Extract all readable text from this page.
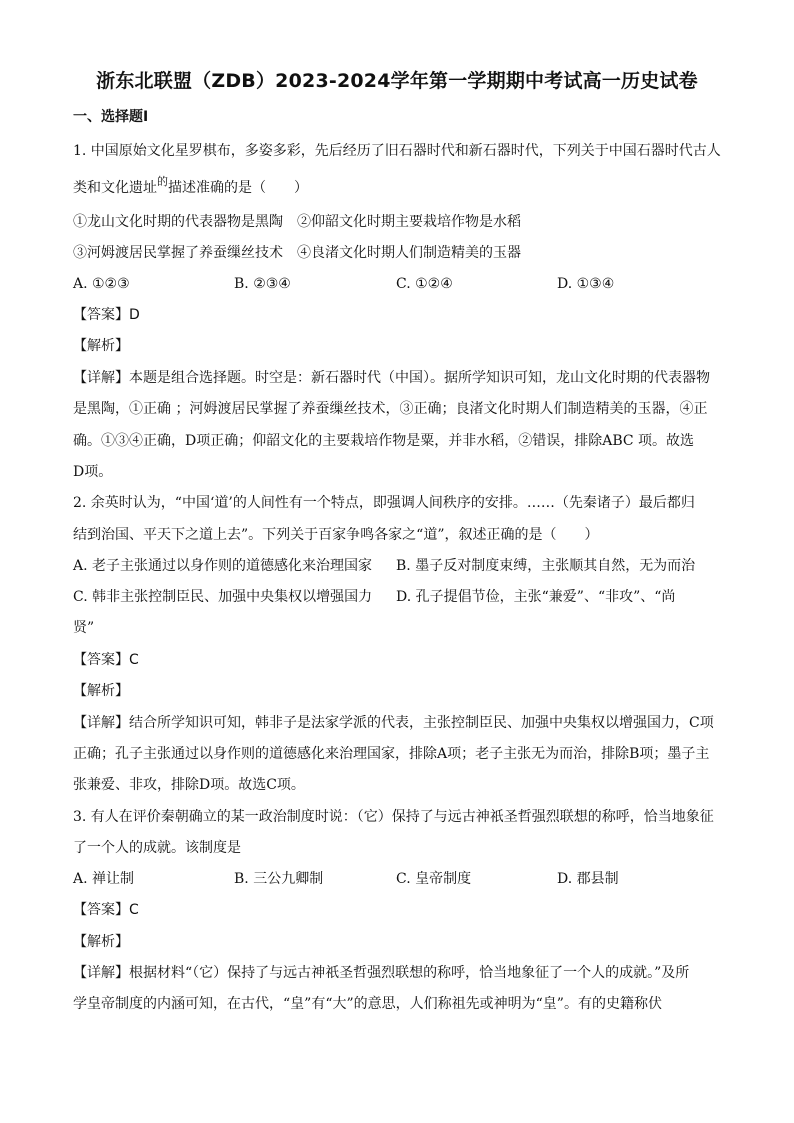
浙东北联盟（ZDB）2023-2024学年第一学期期中考试高一历史试卷
一、选择题Ⅰ
1. 中国原始文化星罗棋布，多姿多彩，先后经历了旧石器时代和新石器时代，下列关于中国石器时代古人
类和文化遗址$^的$描述准确的是（　　）
①龙山文化时期的代表器物是黑陶　②仰韶文化时期主要栽培作物是水稻
③河姆渡居民掌握了养蚕缫丝技术　④良渚文化时期人们制造精美的玉器
A. ①②③	B. ②③④	C. ①②④	D. ①③④
【答案】D
【解析】
【详解】本题是组合选择题。时空是：新石器时代（中国）。据所学知识可知，龙山文化时期的代表器物
是黑陶，①正确 ；河姆渡居民掌握了养蚕缫丝技术，③正确；良渚文化时期人们制造精美的玉器，④正
确。①③④正确，D项正确；仰韶文化的主要栽培作物是粟，并非水稻，②错误，排除ABC 项。故选
D项。
2. 余英时认为，“中国‘道’的人间性有一个特点，即强调人间秩序的安排。……（先秦诸子）最后都归
结到治国、平天下之道上去”。下列关于百家争鸣各家之“道”，叙述正确的是（　　）
A. 老子主张通过以身作则的道德感化来治理国家 B. 墨子反对制度束缚，主张顺其自然，无为而治
C. 韩非主张控制臣民、加强中央集权以增强国力 D. 孔子提倡节俭，主张“兼爱”、“非攻”、“尚
贤”
【答案】C
【解析】
【详解】结合所学知识可知，韩非子是法家学派的代表，主张控制臣民、加强中央集权以增强国力，C项
正确；孔子主张通过以身作则的道德感化来治理国家，排除A项；老子主张无为而治，排除B项；墨子主
张兼爱、非攻，排除D项。故选C项。
3. 有人在评价秦朝确立的某一政治制度时说：（它）保持了与远古神祇圣哲强烈联想的称呼，恰当地象征
了一个人的成就。该制度是
A. 禅让制	B. 三公九卿制	C. 皇帝制度	D. 郡县制
【答案】C
【解析】
【详解】根据材料“（它）保持了与远古神祇圣哲强烈联想的称呼，恰当地象征了一个人的成就。”及所
学皇帝制度的内涵可知，在古代，“皇”有“大”的意思，人们称祖先或神明为“皇”。有的史籍称伏
